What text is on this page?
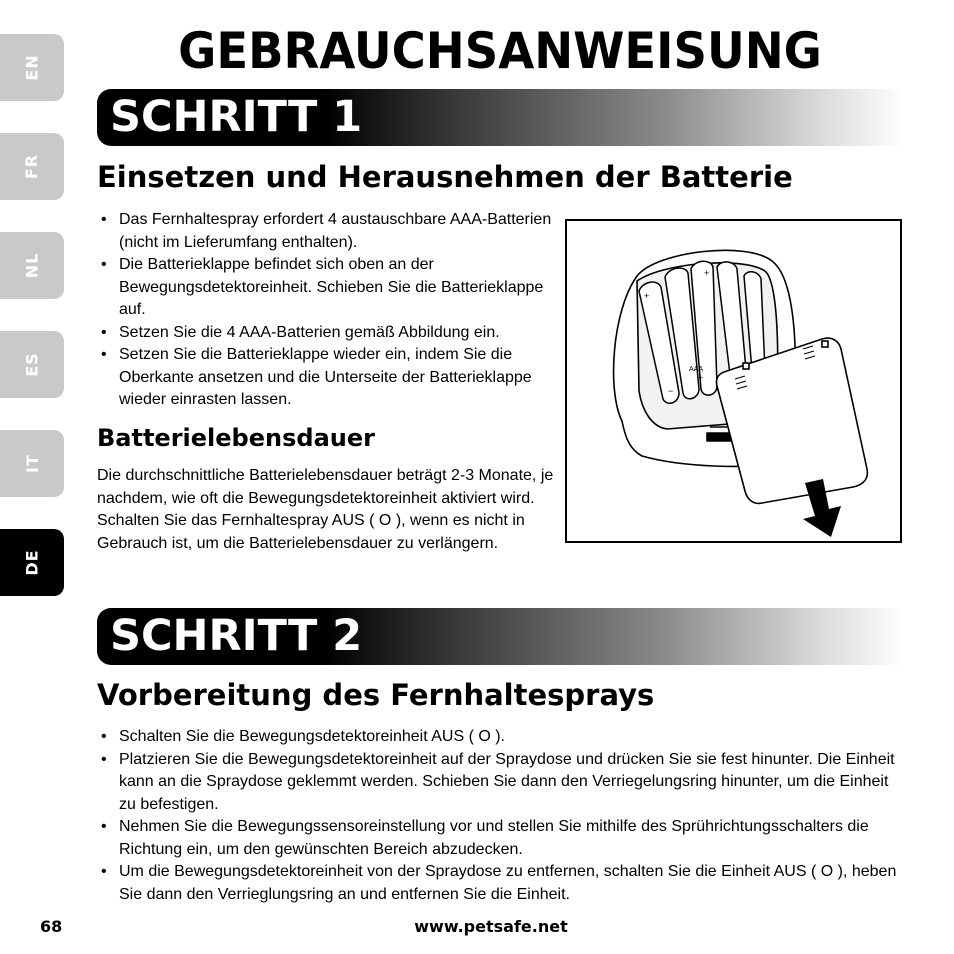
EN
FR
NL
ES
IT
DE
GEBRAUCHSANWEISUNG
SCHRITT 1
Einsetzen und Herausnehmen der Batterie
• Das Fernhaltespray erfordert 4 austauschbare AAA-Batterien (nicht im Lieferumfang enthalten).
• Die Batterieklappe befindet sich oben an der Bewegungsdetektoreinheit. Schieben Sie die Batterieklappe auf.
• Setzen Sie die 4 AAA-Batterien gemäß Abbildung ein.
• Setzen Sie die Batterieklappe wieder ein, indem Sie die Oberkante ansetzen und die Unterseite der Batterieklappe wieder einrasten lassen.
Batterielebensdauer

Die durchschnittliche Batterielebensdauer beträgt 2-3 Monate, je nachdem, wie oft die Bewegungsdetektoreinheit aktiviert wird. Schalten Sie das Fernhaltespray AUS ( O ), wenn es nicht in Gebrauch ist, um die Batterielebensdauer zu verlängern.

+
+
+
AAA
−
SCHRITT 2
Vorbereitung des Fernhaltesprays
• Schalten Sie die Bewegungsdetektoreinheit AUS ( O ).
• Platzieren Sie die Bewegungsdetektoreinheit auf der Spraydose und drücken Sie sie fest hinunter. Die Einheit kann an die Spraydose geklemmt werden. Schieben Sie dann den Verriegelungsring hinunter, um die Einheit zu befestigen.
• Nehmen Sie die Bewegungssensoreinstellung vor und stellen Sie mithilfe des Sprührichtungsschalters die Richtung ein, um den gewünschten Bereich abzudecken.
• Um die Bewegungsdetektoreinheit von der Spraydose zu entfernen, schalten Sie die Einheit AUS ( O ), heben Sie dann den Verrieglungsring an und entfernen Sie die Einheit.
68	www.petsafe.net
